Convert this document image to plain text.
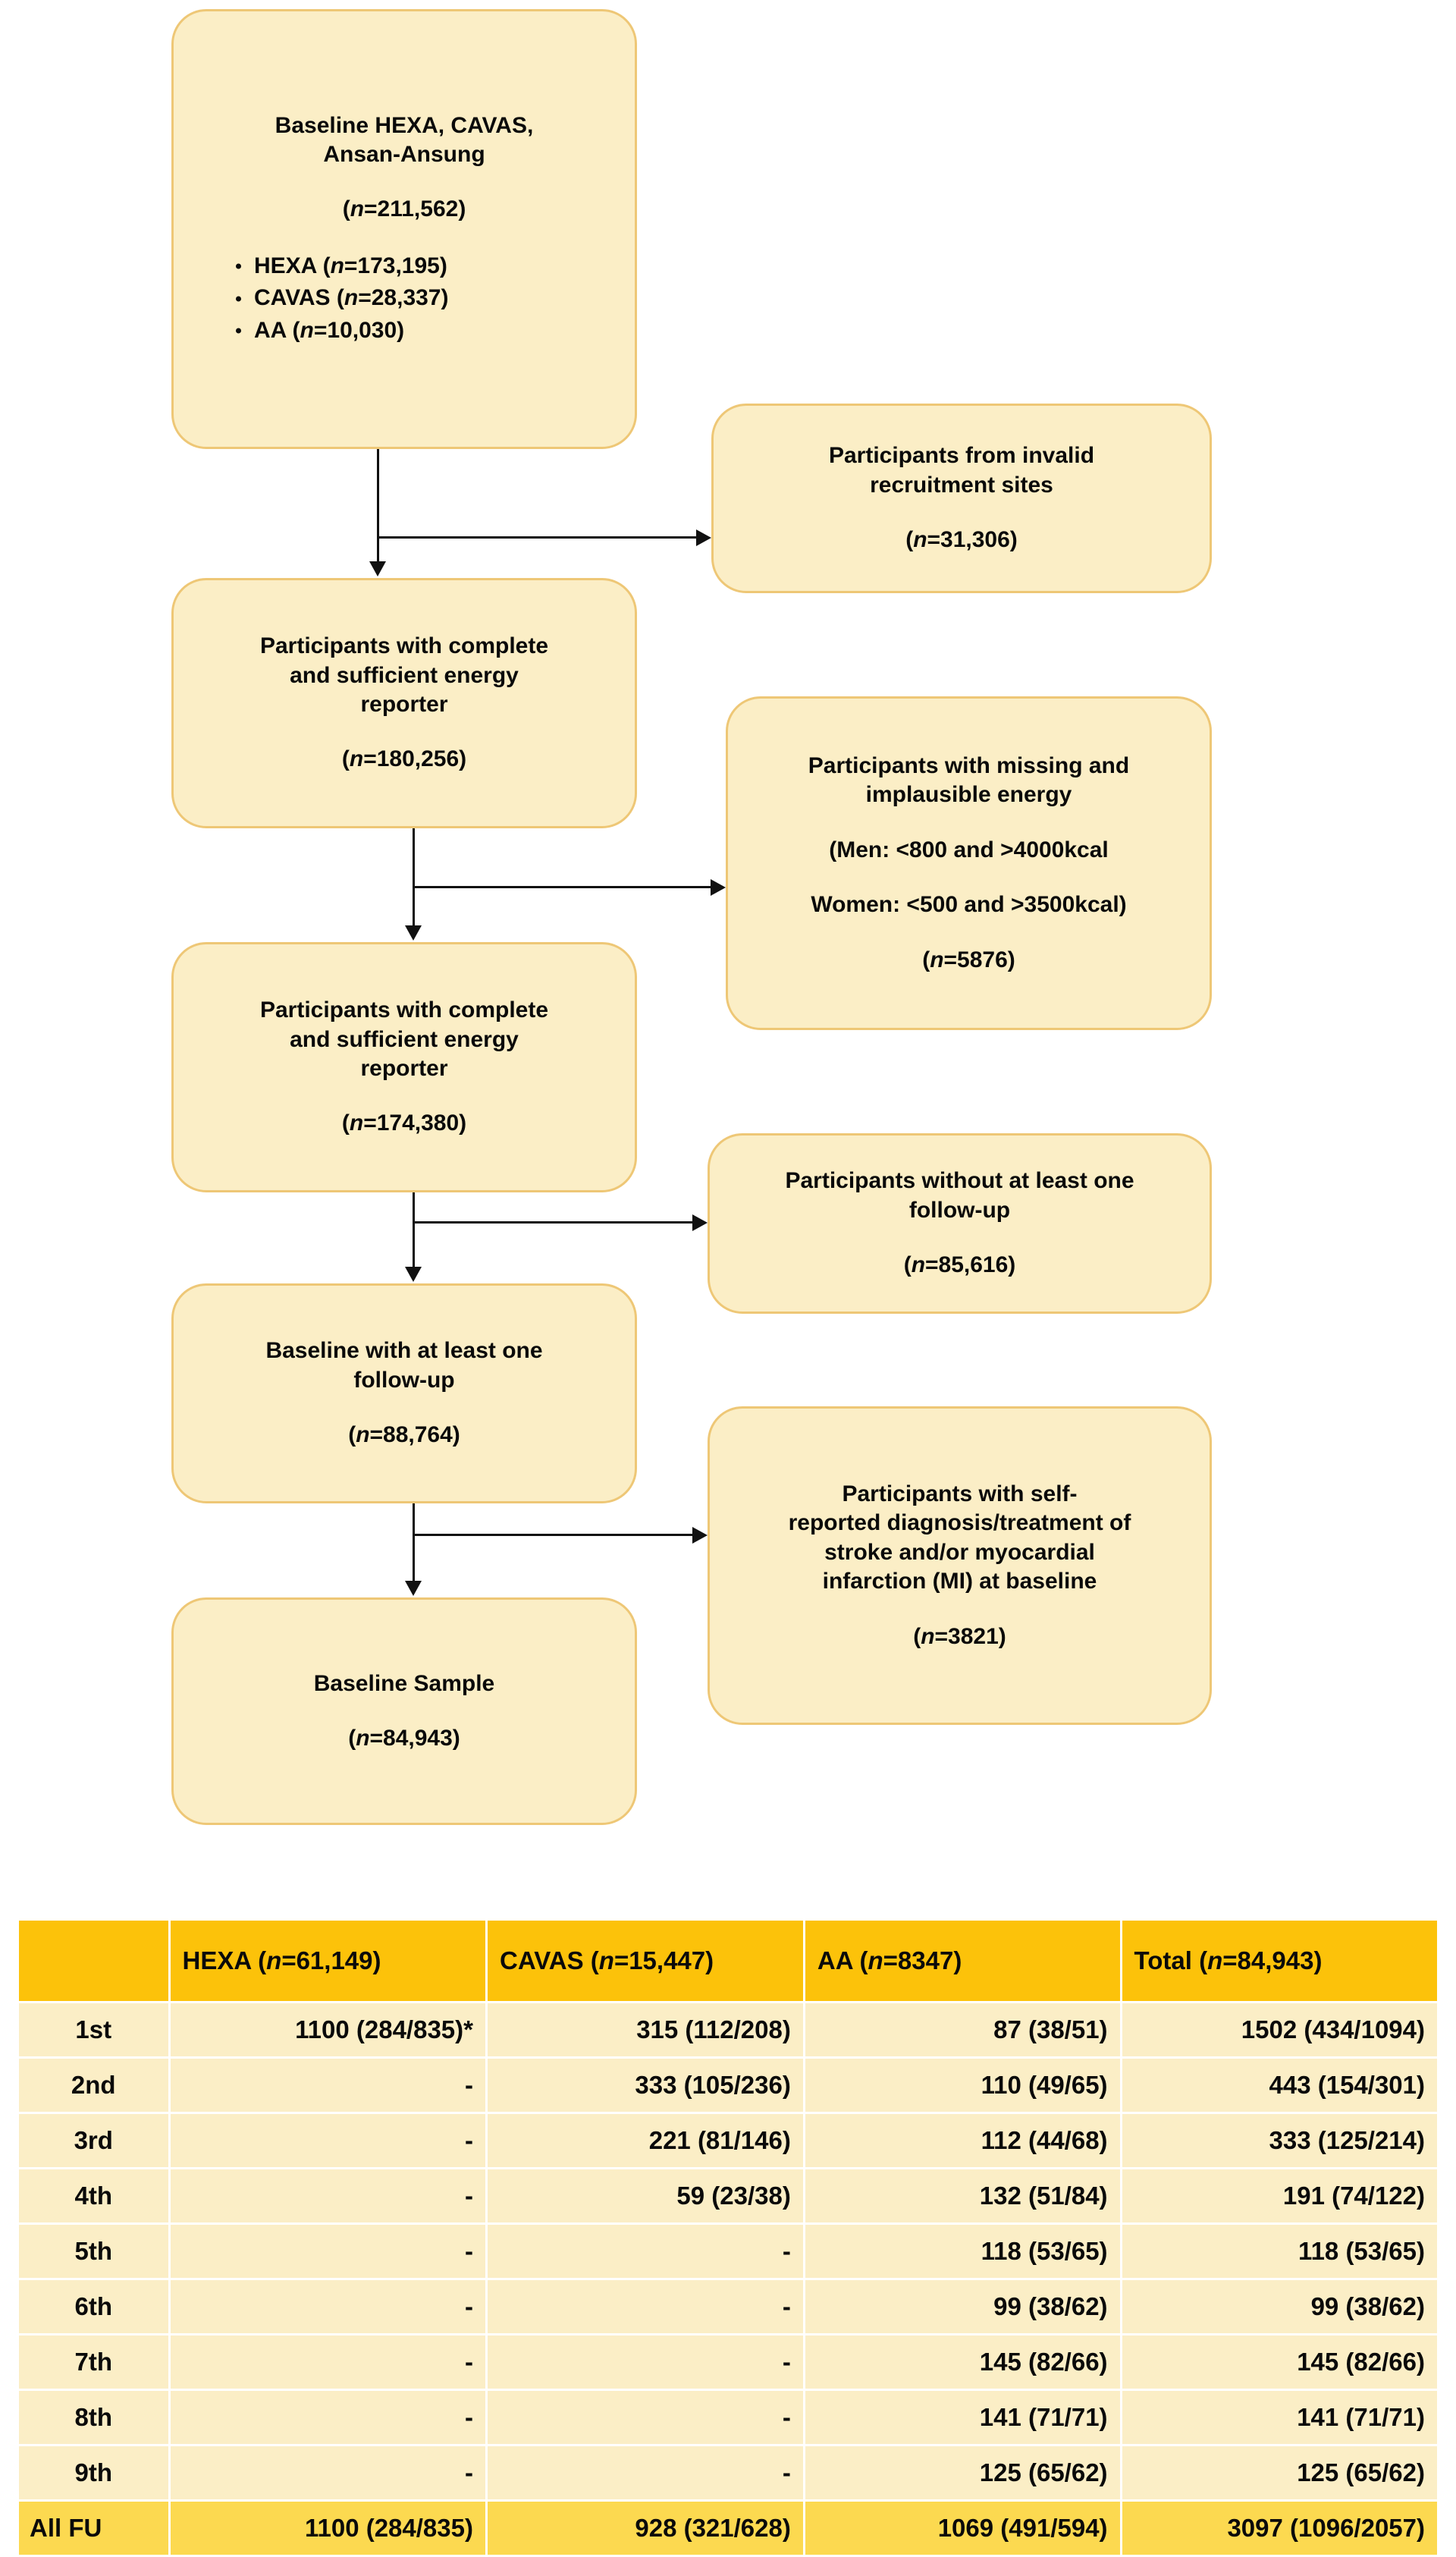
Baseline HEXA, CAVAS,
Ansan-Ansung
(n=211,562)
HEXA (n=173,195)
CAVAS (n=28,337)
AA (n=10,030)
Participants from invalid
recruitment sites
(n=31,306)
Participants with complete
and sufficient energy
reporter
(n=180,256)	Participants with missing and
implausible energy
(Men: <800 and >4000kcal
Women: <500 and >3500kcal)
(n=5876)
Participants with complete
and sufficient energy
reporter
(n=174,380)
Participants without at least one
follow-up
(n=85,616)
Baseline with at least one
follow-up
(n=88,764)
Participants with self-
reported diagnosis/treatment of
stroke and/or myocardial
infarction (MI) at baseline
(n=3821)
Baseline Sample
(n=84,943)
	HEXA (n=61,149)	CAVAS (n=15,447)	AA (n=8347)	Total (n=84,943)
1st	1100 (284/835)*	315 (112/208)	87 (38/51)	1502 (434/1094)
2nd	-	333 (105/236)	110 (49/65)	443 (154/301)
3rd	-	221 (81/146)	112 (44/68)	333 (125/214)
4th	-	59 (23/38)	132 (51/84)	191 (74/122)
5th	-	-	118 (53/65)	118 (53/65)
6th	-	-	99 (38/62)	99 (38/62)
7th	-	-	145 (82/66)	145 (82/66)
8th	-	-	141 (71/71)	141 (71/71)
9th	-	-	125 (65/62)	125 (65/62)
All FU	1100 (284/835)	928 (321/628)	1069 (491/594)	3097 (1096/2057)
